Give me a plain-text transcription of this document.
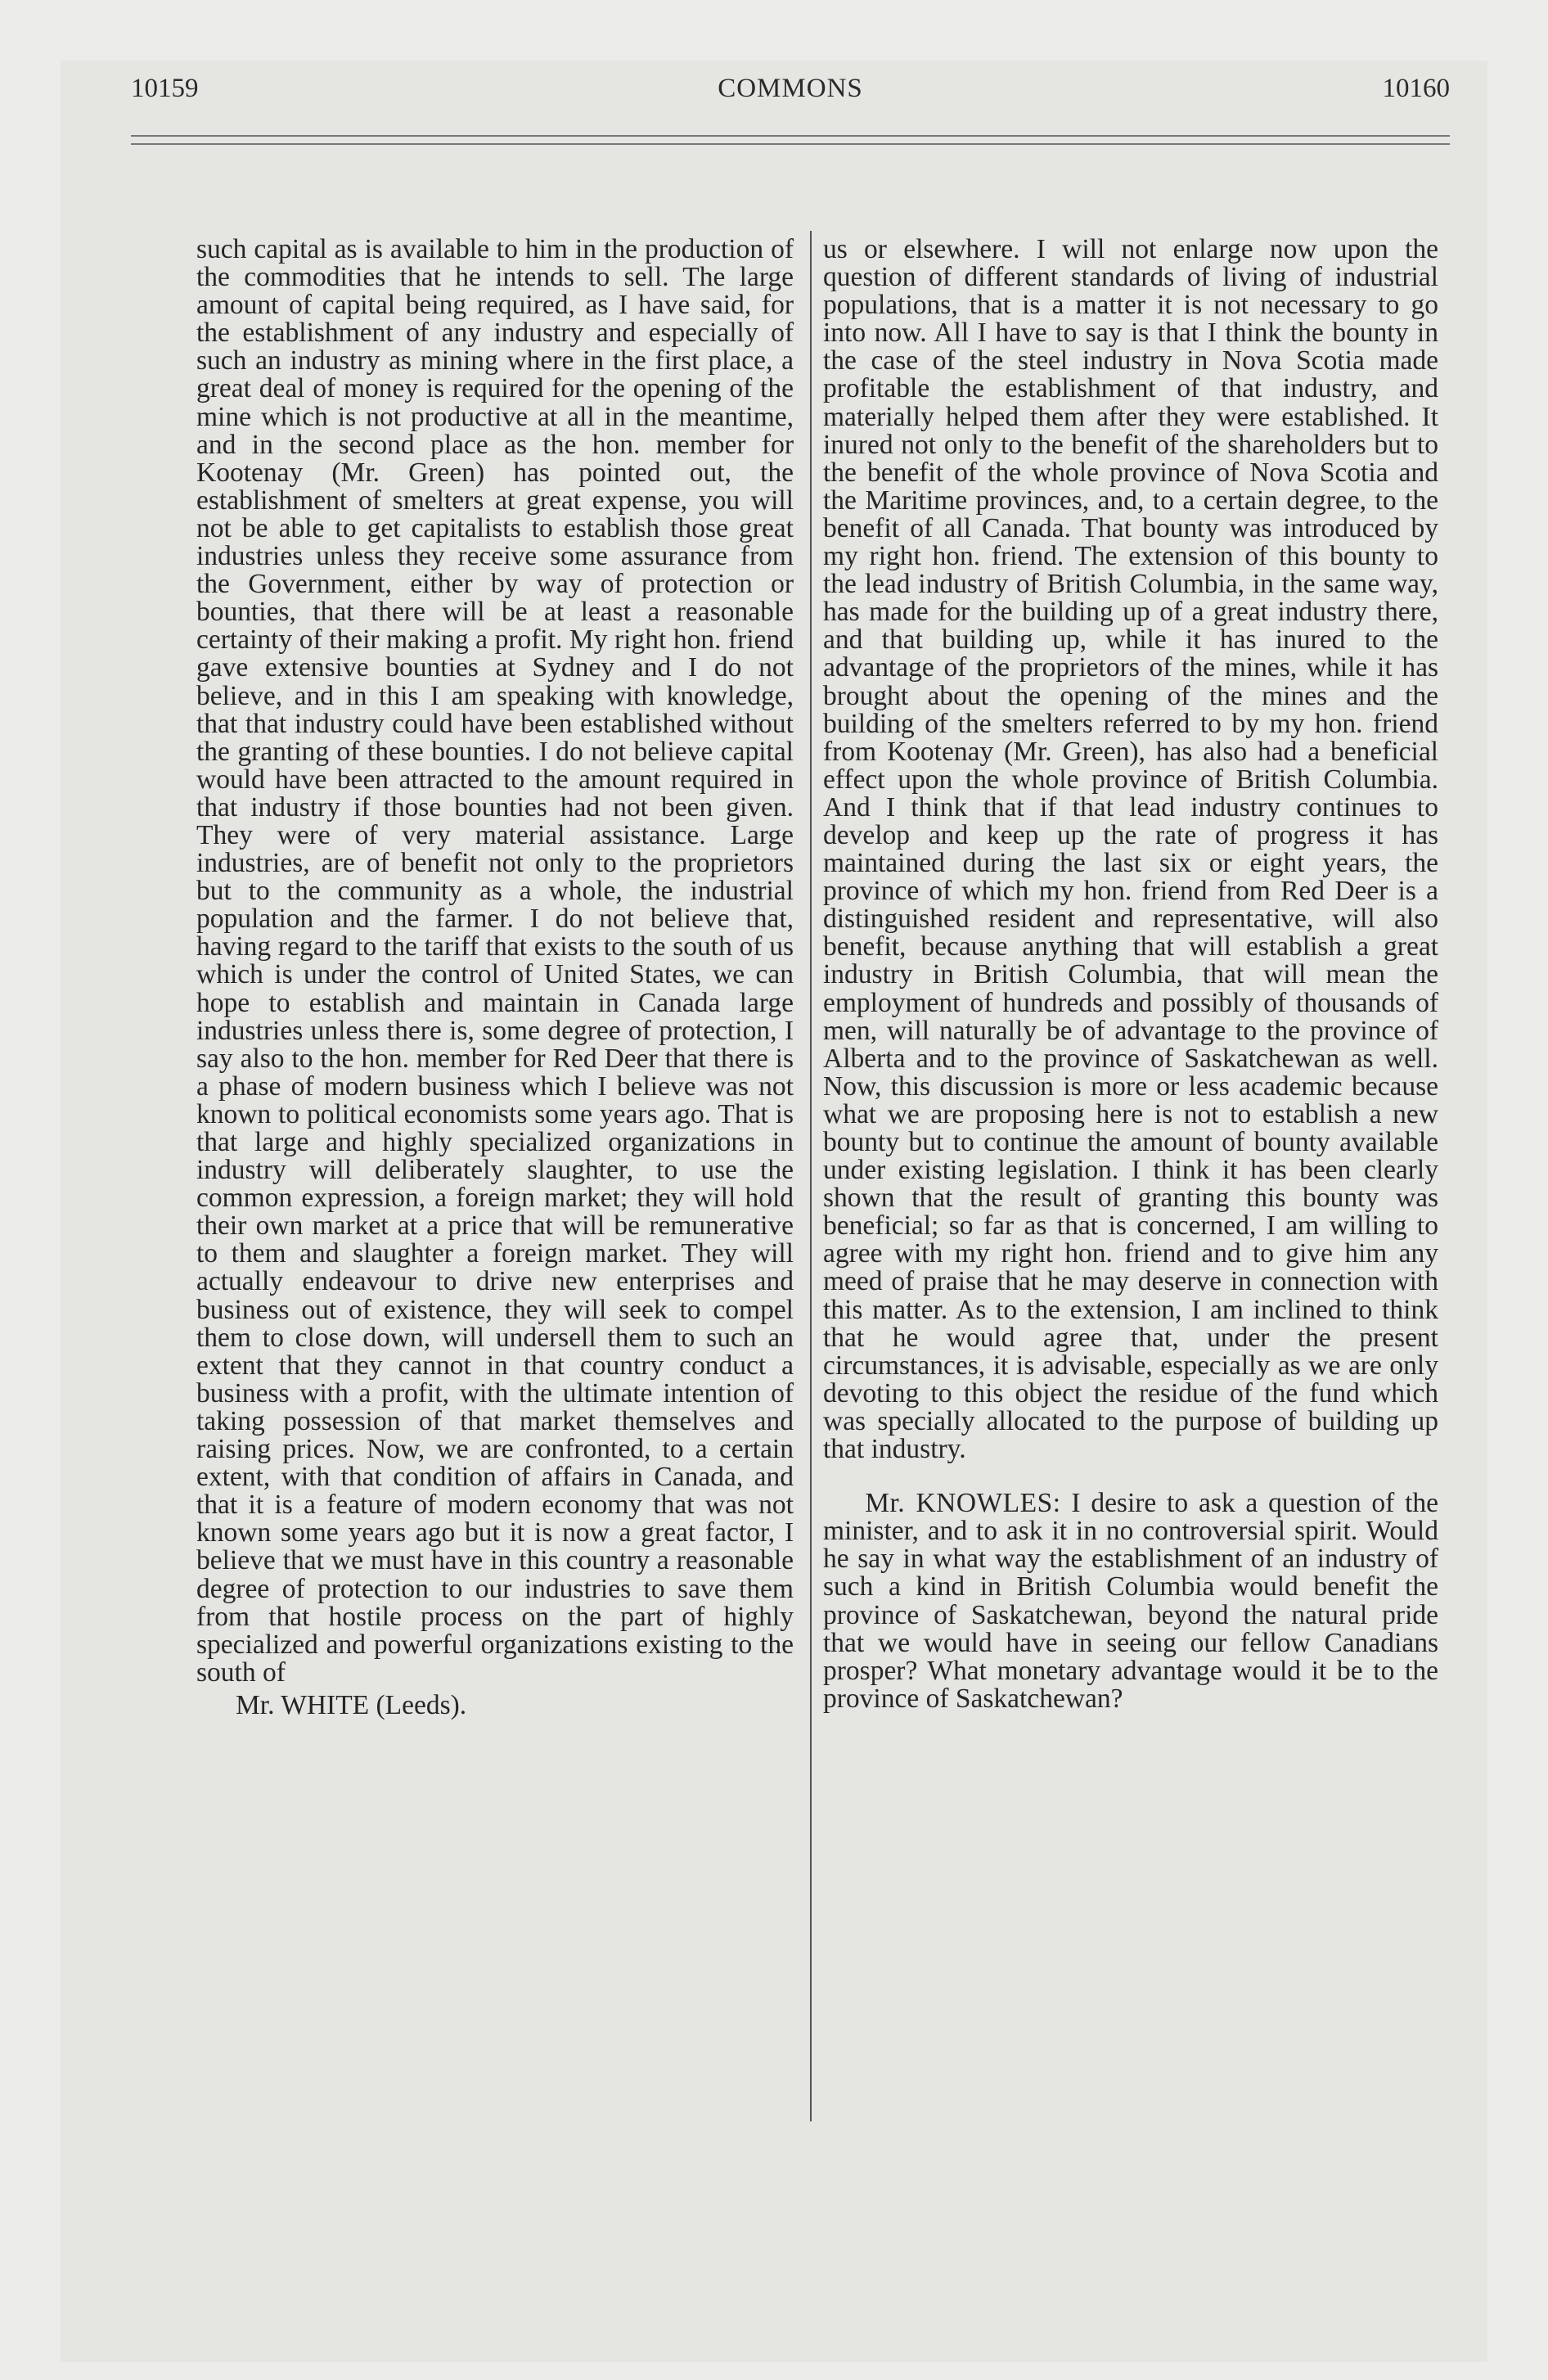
10159	COMMONS	10160

such capital as is available to him in the production of the commodities that he intends to sell. The large amount of capital being required, as I have said, for the establishment of any industry and especially of such an industry as mining where in the first place, a great deal of money is required for the opening of the mine which is not productive at all in the meantime, and in the second place as the hon. member for Kootenay (Mr. Green) has pointed out, the establishment of smelters at great expense, you will not be able to get capitalists to establish those great industries unless they receive some assurance from the Government, either by way of protection or bounties, that there will be at least a reasonable certainty of their making a profit. My right hon. friend gave extensive bounties at Sydney and I do not believe, and in this I am speaking with knowledge, that that industry could have been established without the granting of these bounties. I do not believe capital would have been attracted to the amount required in that industry if those bounties had not been given. They were of very material assistance. Large industries, are of benefit not only to the proprietors but to the community as a whole, the industrial population and the farmer. I do not believe that, having regard to the tariff that exists to the south of us which is under the control of United States, we can hope to establish and maintain in Canada large industries unless there is, some degree of protection, I say also to the hon. member for Red Deer that there is a phase of modern business which I believe was not known to political economists some years ago. That is that large and highly specialized organizations in industry will deliberately slaughter, to use the common expression, a foreign market; they will hold their own market at a price that will be remunerative to them and slaughter a foreign market. They will actually endeavour to drive new enterprises and business out of existence, they will seek to compel them to close down, will undersell them to such an extent that they cannot in that country conduct a business with a profit, with the ultimate intention of taking possession of that market themselves and raising prices. Now, we are confronted, to a certain extent, with that condition of affairs in Canada, and that it is a feature of modern economy that was not known some years ago but it is now a great factor, I believe that we must have in this country a reasonable degree of protection to our industries to save them from that hostile process on the part of highly specialized and powerful organizations existing to the south of

Mr. WHITE (Leeds).

us or elsewhere. I will not enlarge now upon the question of different standards of living of industrial populations, that is a matter it is not necessary to go into now. All I have to say is that I think the bounty in the case of the steel industry in Nova Scotia made profitable the establishment of that industry, and materially helped them after they were established. It inured not only to the benefit of the shareholders but to the benefit of the whole province of Nova Scotia and the Maritime provinces, and, to a certain degree, to the benefit of all Canada. That bounty was introduced by my right hon. friend. The extension of this bounty to the lead industry of British Columbia, in the same way, has made for the building up of a great industry there, and that building up, while it has inured to the advantage of the proprietors of the mines, while it has brought about the opening of the mines and the building of the smelters referred to by my hon. friend from Kootenay (Mr. Green), has also had a beneficial effect upon the whole province of British Columbia. And I think that if that lead industry continues to develop and keep up the rate of progress it has maintained during the last six or eight years, the province of which my hon. friend from Red Deer is a distinguished resident and representative, will also benefit, because anything that will establish a great industry in British Columbia, that will mean the employment of hundreds and possibly of thousands of men, will naturally be of advantage to the province of Alberta and to the province of Saskatchewan as well. Now, this discussion is more or less academic because what we are proposing here is not to establish a new bounty but to continue the amount of bounty available under existing legislation. I think it has been clearly shown that the result of granting this bounty was beneficial; so far as that is concerned, I am willing to agree with my right hon. friend and to give him any meed of praise that he may deserve in connection with this matter. As to the extension, I am inclined to think that he would agree that, under the present circumstances, it is advisable, especially as we are only devoting to this object the residue of the fund which was specially allocated to the purpose of building up that industry.

Mr. KNOWLES: I desire to ask a question of the minister, and to ask it in no controversial spirit. Would he say in what way the establishment of an industry of such a kind in British Columbia would benefit the province of Saskatchewan, beyond the natural pride that we would have in seeing our fellow Canadians prosper? What monetary advantage would it be to the province of Saskatchewan?
